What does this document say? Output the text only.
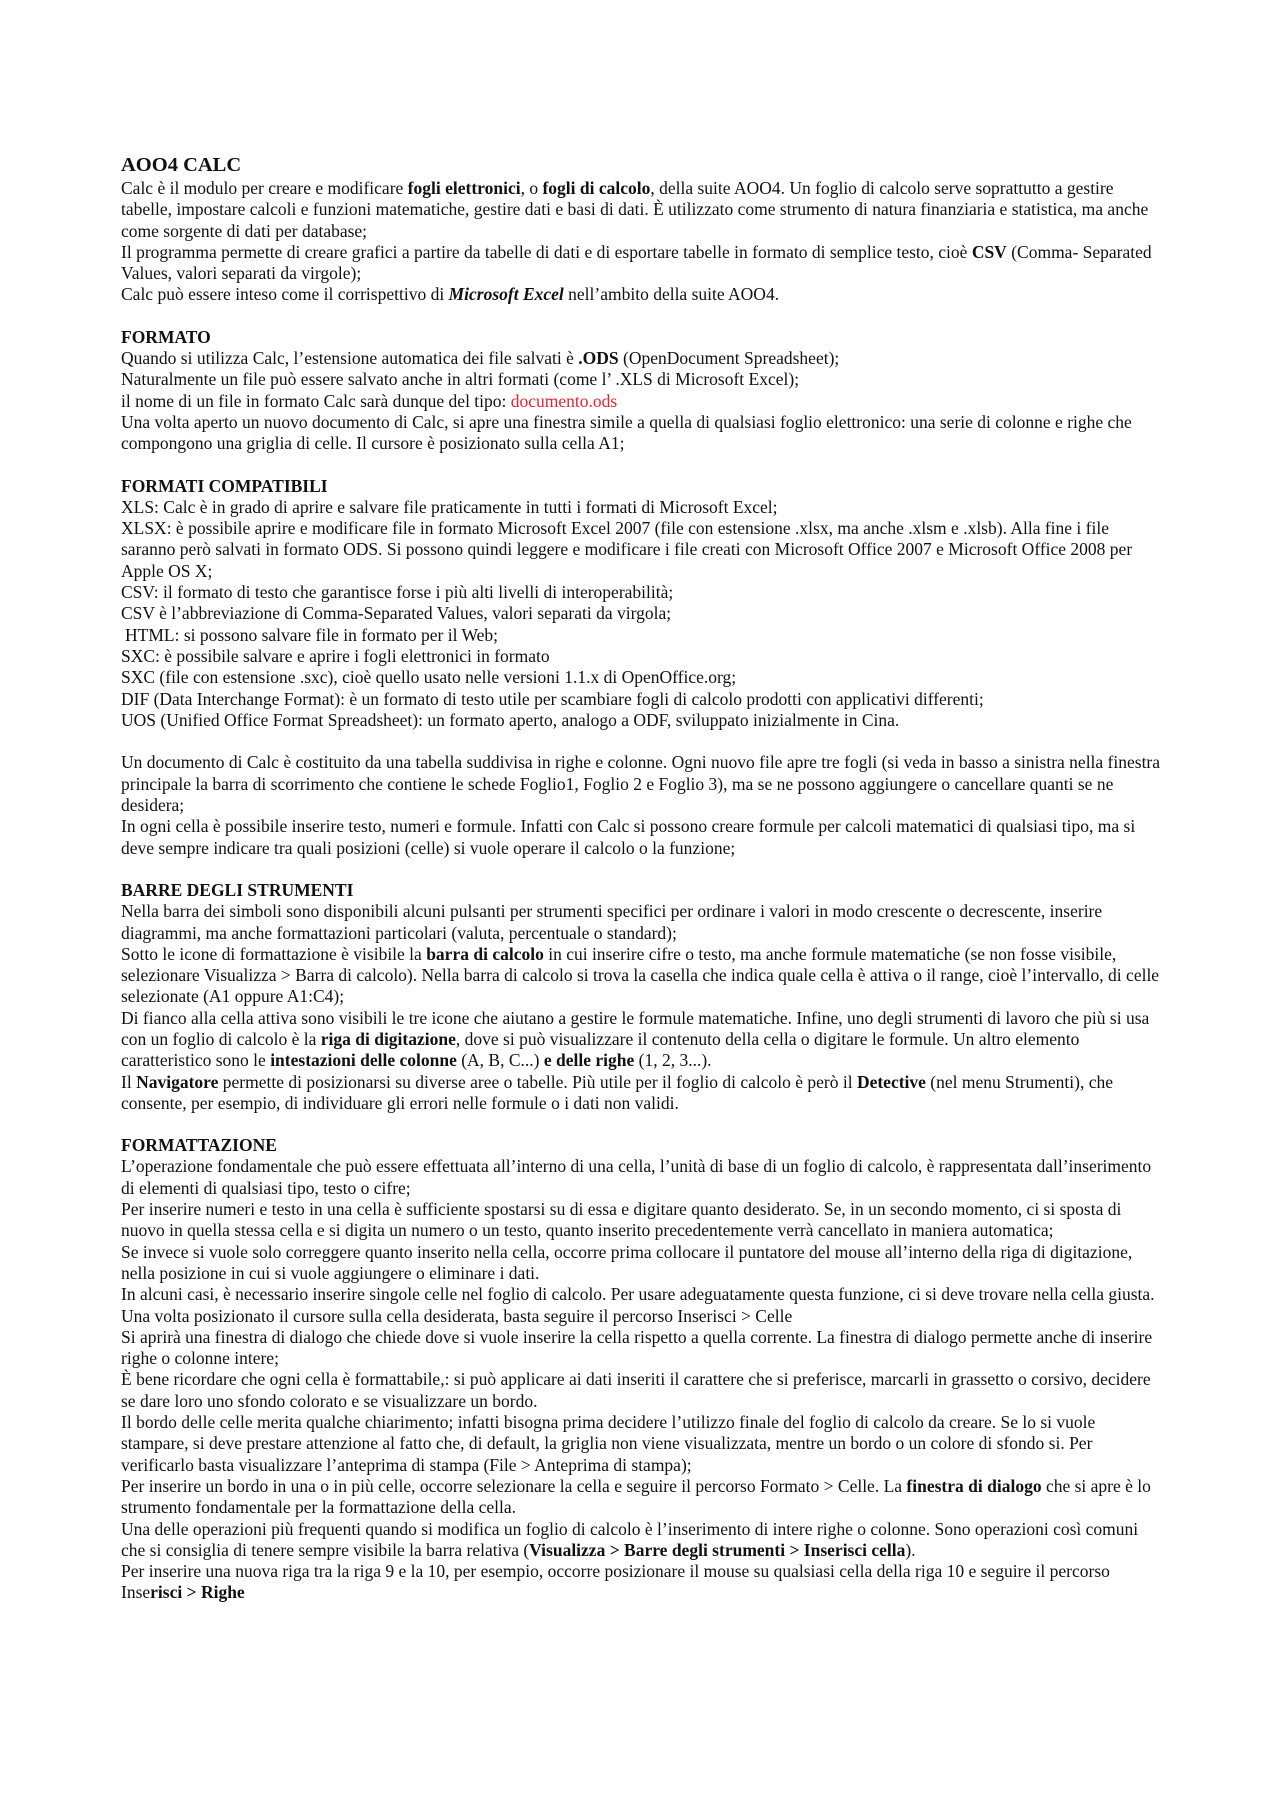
AOO4 CALC

Calc è il modulo per creare e modificare fogli elettronici, o fogli di calcolo, della suite AOO4. Un foglio di calcolo serve soprattutto a gestire tabelle, impostare calcoli e funzioni matematiche, gestire dati e basi di dati. È utilizzato come strumento di natura finanziaria e statistica, ma anche come sorgente di dati per database;

Il programma permette di creare grafici a partire da tabelle di dati e di esportare tabelle in formato di semplice testo, cioè CSV (Comma- Separated Values, valori separati da virgole);

Calc può essere inteso come il corrispettivo di Microsoft Excel nell’ambito della suite AOO4.

FORMATO

Quando si utilizza Calc, l’estensione automatica dei file salvati è .ODS (OpenDocument Spreadsheet);

Naturalmente un file può essere salvato anche in altri formati (come l’ .XLS di Microsoft Excel);

il nome di un file in formato Calc sarà dunque del tipo: documento.ods

Una volta aperto un nuovo documento di Calc, si apre una finestra simile a quella di qualsiasi foglio elettronico: una serie di colonne e righe che compongono una griglia di celle. Il cursore è posizionato sulla cella A1;

FORMATI COMPATIBILI

XLS: Calc è in grado di aprire e salvare file praticamente in tutti i formati di Microsoft Excel;

XLSX: è possibile aprire e modificare file in formato Microsoft Excel 2007 (file con estensione .xlsx, ma anche .xlsm e .xlsb). Alla fine i file saranno però salvati in formato ODS. Si possono quindi leggere e modificare i file creati con Microsoft Office 2007 e Microsoft Office 2008 per Apple OS X;

CSV: il formato di testo che garantisce forse i più alti livelli di interoperabilità;

CSV è l’abbreviazione di Comma-Separated Values, valori separati da virgola;

HTML: si possono salvare file in formato per il Web;

SXC: è possibile salvare e aprire i fogli elettronici in formato

SXC (file con estensione .sxc), cioè quello usato nelle versioni 1.1.x di OpenOffice.org;

DIF (Data Interchange Format): è un formato di testo utile per scambiare fogli di calcolo prodotti con applicativi differenti;

UOS (Unified Office Format Spreadsheet): un formato aperto, analogo a ODF, sviluppato inizialmente in Cina.

Un documento di Calc è costituito da una tabella suddivisa in righe e colonne. Ogni nuovo file apre tre fogli (si veda in basso a sinistra nella finestra principale la barra di scorrimento che contiene le schede Foglio1, Foglio 2 e Foglio 3), ma se ne possono aggiungere o cancellare quanti se ne desidera;

In ogni cella è possibile inserire testo, numeri e formule. Infatti con Calc si possono creare formule per calcoli matematici di qualsiasi tipo, ma si deve sempre indicare tra quali posizioni (celle) si vuole operare il calcolo o la funzione;

BARRE DEGLI STRUMENTI

Nella barra dei simboli sono disponibili alcuni pulsanti per strumenti specifici per ordinare i valori in modo crescente o decrescente, inserire diagrammi, ma anche formattazioni particolari (valuta, percentuale o standard);

Sotto le icone di formattazione è visibile la barra di calcolo in cui inserire cifre o testo, ma anche formule matematiche (se non fosse visibile, selezionare Visualizza > Barra di calcolo). Nella barra di calcolo si trova la casella che indica quale cella è attiva o il range, cioè l’intervallo, di celle selezionate (A1 oppure A1:C4);

Di fianco alla cella attiva sono visibili le tre icone che aiutano a gestire le formule matematiche. Infine, uno degli strumenti di lavoro che più si usa con un foglio di calcolo è la riga di digitazione, dove si può visualizzare il contenuto della cella o digitare le formule. Un altro elemento caratteristico sono le intestazioni delle colonne (A, B, C...) e delle righe (1, 2, 3...).

Il Navigatore permette di posizionarsi su diverse aree o tabelle. Più utile per il foglio di calcolo è però il Detective (nel menu Strumenti), che consente, per esempio, di individuare gli errori nelle formule o i dati non validi.

FORMATTAZIONE

L’operazione fondamentale che può essere effettuata all’interno di una cella, l’unità di base di un foglio di calcolo, è rappresentata dall’inserimento di elementi di qualsiasi tipo, testo o cifre;

Per inserire numeri e testo in una cella è sufficiente spostarsi su di essa e digitare quanto desiderato. Se, in un secondo momento, ci si sposta di nuovo in quella stessa cella e si digita un numero o un testo, quanto inserito precedentemente verrà cancellato in maniera automatica;

Se invece si vuole solo correggere quanto inserito nella cella, occorre prima collocare il puntatore del mouse all’interno della riga di digitazione, nella posizione in cui si vuole aggiungere o eliminare i dati.

In alcuni casi, è necessario inserire singole celle nel foglio di calcolo. Per usare adeguatamente questa funzione, ci si deve trovare nella cella giusta. Una volta posizionato il cursore sulla cella desiderata, basta seguire il percorso Inserisci > Celle

Si aprirà una finestra di dialogo che chiede dove si vuole inserire la cella rispetto a quella corrente. La finestra di dialogo permette anche di inserire righe o colonne intere;

È bene ricordare che ogni cella è formattabile,: si può applicare ai dati inseriti il carattere che si preferisce, marcarli in grassetto o corsivo, decidere se dare loro uno sfondo colorato e se visualizzare un bordo.

Il bordo delle celle merita qualche chiarimento; infatti bisogna prima decidere l’utilizzo finale del foglio di calcolo da creare. Se lo si vuole stampare, si deve prestare attenzione al fatto che, di default, la griglia non viene visualizzata, mentre un bordo o un colore di sfondo si. Per verificarlo basta visualizzare l’anteprima di stampa (File > Anteprima di stampa);

Per inserire un bordo in una o in più celle, occorre selezionare la cella e seguire il percorso Formato > Celle. La finestra di dialogo che si apre è lo strumento fondamentale per la formattazione della cella.

Una delle operazioni più frequenti quando si modifica un foglio di calcolo è l’inserimento di intere righe o colonne. Sono operazioni così comuni che si consiglia di tenere sempre visibile la barra relativa (Visualizza > Barre degli strumenti > Inserisci cella).

Per inserire una nuova riga tra la riga 9 e la 10, per esempio, occorre posizionare il mouse su qualsiasi cella della riga 10 e seguire il percorso Inserisci > Righe
